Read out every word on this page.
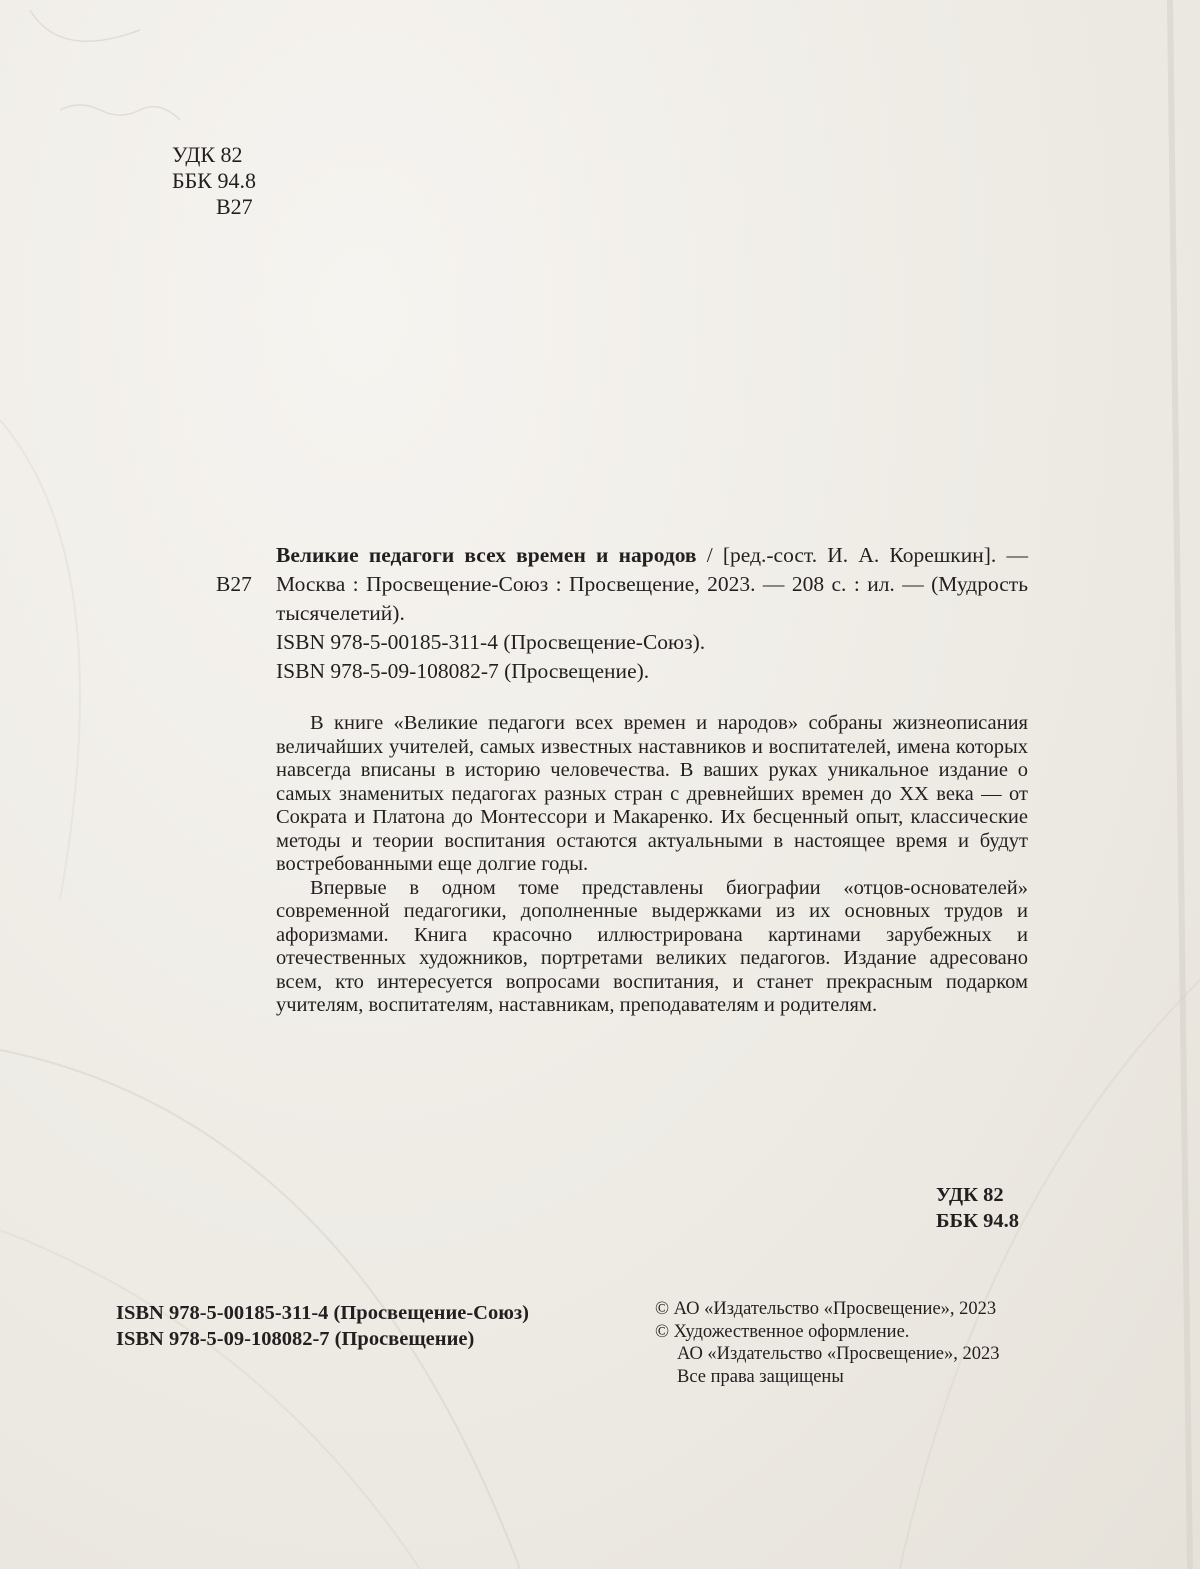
УДК 82
ББК 94.8
В27
В27

Великие педагоги всех времен и народов / [ред.-сост. И. А. Корешкин]. — Москва : Просвещение-Союз : Просвещение, 2023. — 208 с. : ил. — (Мудрость тысячелетий).

ISBN 978-5-00185-311-4 (Просвещение-Союз).

ISBN 978-5-09-108082-7 (Просвещение).

В книге «Великие педагоги всех времен и народов» собраны жизнеописания величайших учителей, самых известных наставников и воспитателей, имена которых навсегда вписаны в историю человечества. В ваших руках уникальное издание о самых знаменитых педагогах разных стран с древнейших времен до ХХ века — от Сократа и Платона до Монтессори и Макаренко. Их бесценный опыт, классические методы и теории воспитания остаются актуальными в настоящее время и будут востребованными еще долгие годы.

Впервые в одном томе представлены биографии «отцов-основателей» современной педагогики, дополненные выдержками из их основных трудов и афоризмами. Книга красочно иллюстрирована картинами зарубежных и отечественных художников, портретами великих педагогов. Издание адресовано всем, кто интересуется вопросами воспитания, и станет прекрасным подарком учителям, воспитателям, наставникам, преподавателям и родителям.

УДК 82
ББК 94.8
ISBN 978-5-00185-311-4 (Просвещение-Союз)
ISBN 978-5-09-108082-7 (Просвещение)
© АО «Издательство «Просвещение», 2023
© Художественное оформление.
АО «Издательство «Просвещение», 2023
Все права защищены
